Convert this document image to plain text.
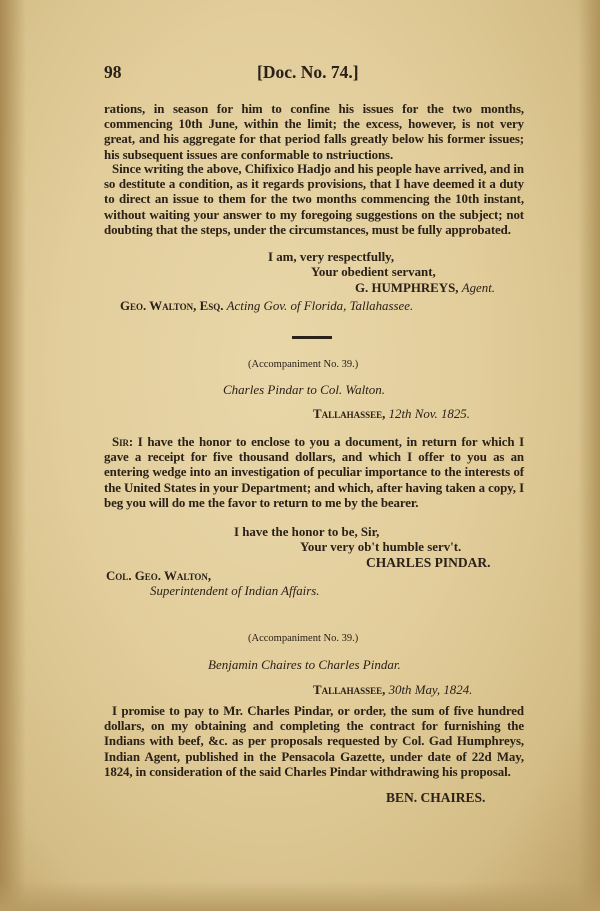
98	[Doc. No. 74.]
rations, in season for him to confine his issues for the two months, commencing 10th June, within the limit; the excess, however, is not very great, and his aggregate for that period falls greatly below his former issues; his subsequent issues are conformable to nstriuctions.
Since writing the above, Chifixico Hadjo and his people have arrived, and in so destitute a condition, as it regards provisions, that I have deemed it a duty to direct an issue to them for the two months commencing the 10th instant, without waiting your answer to my foregoing suggestions on the subject; not doubting that the steps, under the circumstances, must be fully approbated.
I am, very respectfully,
Your obedient servant,
G. HUMPHREYS, Agent.
Geo. Walton, Esq. Acting Gov. of Florida, Tallahassee.
(Accompaniment No. 39.)
Charles Pindar to Col. Walton.
Tallahassee, 12th Nov. 1825.
Sir: I have the honor to enclose to you a document, in return for which I gave a receipt for five thousand dollars, and which I offer to you as an entering wedge into an investigation of peculiar importance to the interests of the United States in your Department; and which, after having taken a copy, I beg you will do me the favor to return to me by the bearer.
I have the honor to be, Sir,
Your very ob't humble serv't.
CHARLES PINDAR.
Col. Geo. Walton,
Superintendent of Indian Affairs.
(Accompaniment No. 39.)
Benjamin Chaires to Charles Pindar.
Tallahassee, 30th May, 1824.
I promise to pay to Mr. Charles Pindar, or order, the sum of five hundred dollars, on my obtaining and completing the contract for furnishing the Indians with beef, &c. as per proposals requested by Col. Gad Humphreys, Indian Agent, published in the Pensacola Gazette, under date of 22d May, 1824, in consideration of the said Charles Pindar withdrawing his proposal.
BEN. CHAIRES.
